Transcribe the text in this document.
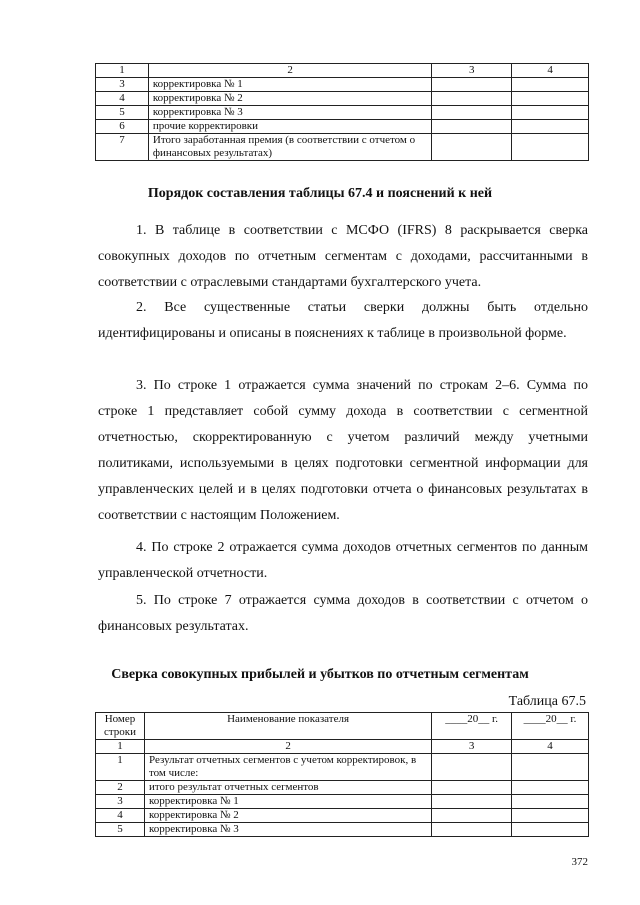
1	2	3	4
3	корректировка № 1		
4	корректировка № 2		
5	корректировка № 3		
6	прочие корректировки		
7	Итого заработанная премия (в соответствии с отчетом о финансовых результатах)		
Порядок составления таблицы 67.4 и пояснений к ней
1. В таблице в соответствии с МСФО (IFRS) 8 раскрывается сверка совокупных доходов по отчетным сегментам с доходами, рассчитанными в соответствии с отраслевыми стандартами бухгалтерского учета.
2. Все существенные статьи сверки должны быть отдельно идентифицированы и описаны в пояснениях к таблице в произвольной форме.
3. По строке 1 отражается сумма значений по строкам 2–6. Сумма по строке 1 представляет собой сумму дохода в соответствии с сегментной отчетностью, скорректированную с учетом различий между учетными политиками, используемыми в целях подготовки сегментной информации для управленческих целей и в целях подготовки отчета о финансовых результатах в соответствии с настоящим Положением.
4. По строке 2 отражается сумма доходов отчетных сегментов по данным управленческой отчетности.
5. По строке 7 отражается сумма доходов в соответствии с отчетом о финансовых результатах.
Сверка совокупных прибылей и убытков по отчетным сегментам
Таблица 67.5
Номер строки	Наименование показателя	____20__ г.	____20__ г.
1	2	3	4
1	Результат отчетных сегментов с учетом корректировок, в том числе:		
2	итого результат отчетных сегментов		
3	корректировка № 1		
4	корректировка № 2		
5	корректировка № 3		
372
